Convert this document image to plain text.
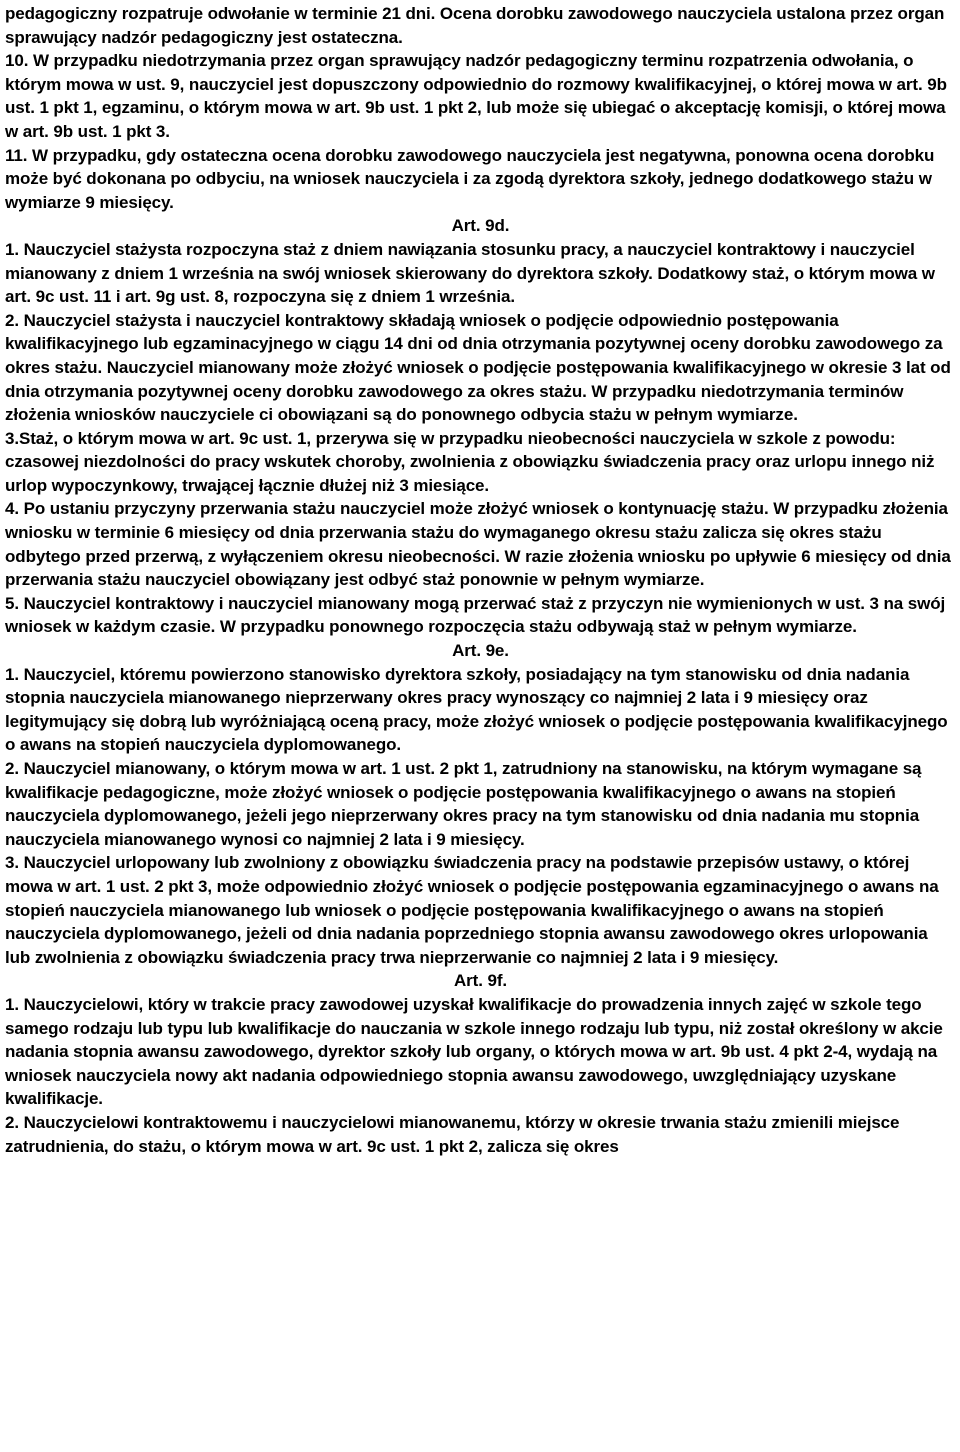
pedagogiczny rozpatruje odwołanie w terminie 21 dni. Ocena dorobku zawodowego nauczyciela ustalona przez organ sprawujący nadzór pedagogiczny jest ostateczna.

10. W przypadku niedotrzymania przez organ sprawujący nadzór pedagogiczny terminu rozpatrzenia odwołania, o którym mowa w ust. 9, nauczyciel jest dopuszczony odpowiednio do rozmowy kwalifikacyjnej, o której mowa w art. 9b ust. 1 pkt 1, egzaminu, o którym mowa w art. 9b ust. 1 pkt 2, lub może się ubiegać o akceptację komisji, o której mowa w art. 9b ust. 1 pkt 3.

11. W przypadku, gdy ostateczna ocena dorobku zawodowego nauczyciela jest negatywna, ponowna ocena dorobku może być dokonana po odbyciu, na wniosek nauczyciela i za zgodą dyrektora szkoły, jednego dodatkowego stażu w wymiarze 9 miesięcy.

Art. 9d.

1. Nauczyciel stażysta rozpoczyna staż z dniem nawiązania stosunku pracy, a nauczyciel kontraktowy i nauczyciel mianowany z dniem 1 września na swój wniosek skierowany do dyrektora szkoły. Dodatkowy staż, o którym mowa w art. 9c ust. 11 i art. 9g ust. 8, rozpoczyna się z dniem 1 września.

2. Nauczyciel stażysta i nauczyciel kontraktowy składają wniosek o podjęcie odpowiednio postępowania kwalifikacyjnego lub egzaminacyjnego w ciągu 14 dni od dnia otrzymania pozytywnej oceny dorobku zawodowego za okres stażu. Nauczyciel mianowany może złożyć wniosek o podjęcie postępowania kwalifikacyjnego w okresie 3 lat od dnia otrzymania pozytywnej oceny dorobku zawodowego za okres stażu. W przypadku niedotrzymania terminów złożenia wniosków nauczyciele ci obowiązani są do ponownego odbycia stażu w pełnym wymiarze.

3.Staż, o którym mowa w art. 9c ust. 1, przerywa się w przypadku nieobecności nauczyciela w szkole z powodu: czasowej niezdolności do pracy wskutek choroby, zwolnienia z obowiązku świadczenia pracy oraz urlopu innego niż urlop wypoczynkowy, trwającej łącznie dłużej niż 3 miesiące.

4. Po ustaniu przyczyny przerwania stażu nauczyciel może złożyć wniosek o kontynuację stażu. W przypadku złożenia wniosku w terminie 6 miesięcy od dnia przerwania stażu do wymaganego okresu stażu zalicza się okres stażu odbytego przed przerwą, z wyłączeniem okresu nieobecności. W razie złożenia wniosku po upływie 6 miesięcy od dnia przerwania stażu nauczyciel obowiązany jest odbyć staż ponownie w pełnym wymiarze.

5. Nauczyciel kontraktowy i nauczyciel mianowany mogą przerwać staż z przyczyn nie wymienionych w ust. 3 na swój wniosek w każdym czasie. W przypadku ponownego rozpoczęcia stażu odbywają staż w pełnym wymiarze.

Art. 9e.

1. Nauczyciel, któremu powierzono stanowisko dyrektora szkoły, posiadający na tym stanowisku od dnia nadania stopnia nauczyciela mianowanego nieprzerwany okres pracy wynoszący co najmniej 2 lata i 9 miesięcy oraz legitymujący się dobrą lub wyróżniającą oceną pracy, może złożyć wniosek o podjęcie postępowania kwalifikacyjnego o awans na stopień nauczyciela dyplomowanego.

2. Nauczyciel mianowany, o którym mowa w art. 1 ust. 2 pkt 1, zatrudniony na stanowisku, na którym wymagane są kwalifikacje pedagogiczne, może złożyć wniosek o podjęcie postępowania kwalifikacyjnego o awans na stopień nauczyciela dyplomowanego, jeżeli jego nieprzerwany okres pracy na tym stanowisku od dnia nadania mu stopnia nauczyciela mianowanego wynosi co najmniej 2 lata i 9 miesięcy.

3. Nauczyciel urlopowany lub zwolniony z obowiązku świadczenia pracy na podstawie przepisów ustawy, o której mowa w art. 1 ust. 2 pkt 3, może odpowiednio złożyć wniosek o podjęcie postępowania egzaminacyjnego o awans na stopień nauczyciela mianowanego lub wniosek o podjęcie postępowania kwalifikacyjnego o awans na stopień nauczyciela dyplomowanego, jeżeli od dnia nadania poprzedniego stopnia awansu zawodowego okres urlopowania lub zwolnienia z obowiązku świadczenia pracy trwa nieprzerwanie co najmniej 2 lata i 9 miesięcy.

Art. 9f.

1. Nauczycielowi, który w trakcie pracy zawodowej uzyskał kwalifikacje do prowadzenia innych zajęć w szkole tego samego rodzaju lub typu lub kwalifikacje do nauczania w szkole innego rodzaju lub typu, niż został określony w akcie nadania stopnia awansu zawodowego, dyrektor szkoły lub organy, o których mowa w art. 9b ust. 4 pkt 2-4, wydają na wniosek nauczyciela nowy akt nadania odpowiedniego stopnia awansu zawodowego, uwzględniający uzyskane kwalifikacje.

2. Nauczycielowi kontraktowemu i nauczycielowi mianowanemu, którzy w okresie trwania stażu zmienili miejsce zatrudnienia, do stażu, o którym mowa w art. 9c ust. 1 pkt 2, zalicza się okres
